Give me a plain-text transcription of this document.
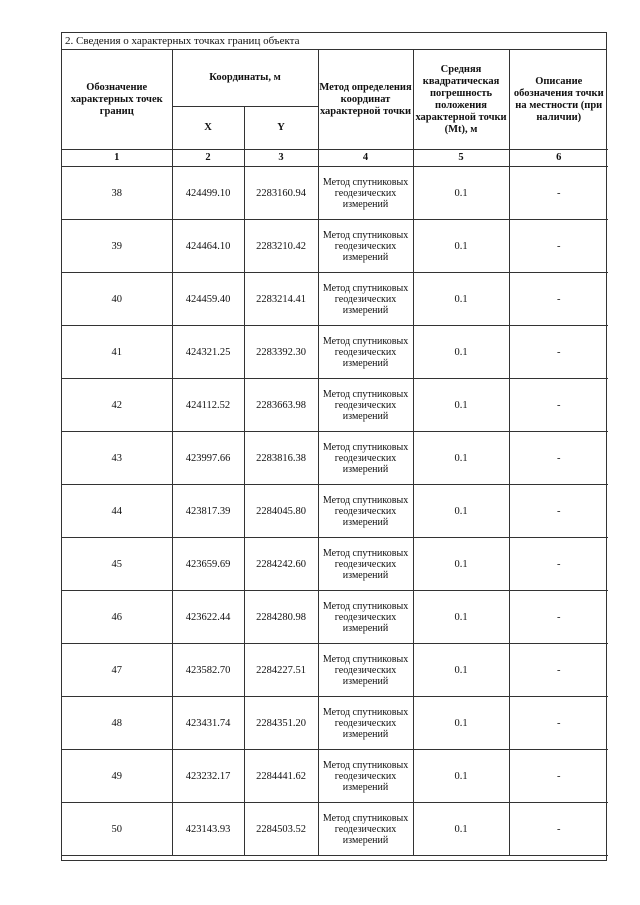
2. Сведения о характерных точках границ объекта
Обозначение характерных точек границ	Координаты, м		Метод определения координат характерной точки	Средняя квадратическая погрешность положения характерной точки (Mt), м	Описание обозначения точки на местности (при наличии)
	X	Y			
1	2	3	4	5	6
38	424499.10	2283160.94	Метод спутниковых геодезических измерений	0.1	-
39	424464.10	2283210.42	Метод спутниковых геодезических измерений	0.1	-
40	424459.40	2283214.41	Метод спутниковых геодезических измерений	0.1	-
41	424321.25	2283392.30	Метод спутниковых геодезических измерений	0.1	-
42	424112.52	2283663.98	Метод спутниковых геодезических измерений	0.1	-
43	423997.66	2283816.38	Метод спутниковых геодезических измерений	0.1	-
44	423817.39	2284045.80	Метод спутниковых геодезических измерений	0.1	-
45	423659.69	2284242.60	Метод спутниковых геодезических измерений	0.1	-
46	423622.44	2284280.98	Метод спутниковых геодезических измерений	0.1	-
47	423582.70	2284227.51	Метод спутниковых геодезических измерений	0.1	-
48	423431.74	2284351.20	Метод спутниковых геодезических измерений	0.1	-
49	423232.17	2284441.62	Метод спутниковых геодезических измерений	0.1	-
50	423143.93	2284503.52	Метод спутниковых геодезических измерений	0.1	-
